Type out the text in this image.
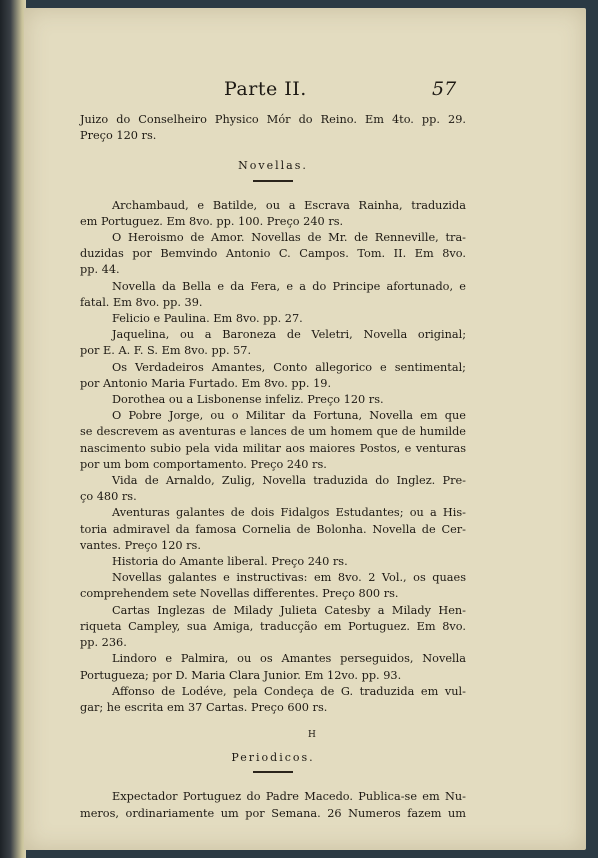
Parte II.	57
Juizo do Conselheiro Physico Mór do Reino. Em 4to. pp. 29.
Preço 120 rs.
Novellas.
Archambaud, e Batilde, ou a Escrava Rainha, traduzida
em Portuguez. Em 8vo. pp. 100. Preço 240 rs.
O Heroismo de Amor. Novellas de Mr. de Renneville, tra-
duzidas por Bemvindo Antonio C. Campos. Tom. II. Em 8vo.
pp. 44.
Novella da Bella e da Fera, e a do Principe afortunado, e
fatal. Em 8vo. pp. 39.
Felicio e Paulina. Em 8vo. pp. 27.
Jaquelina, ou a Baroneza de Veletri, Novella original;
por E. A. F. S. Em 8vo. pp. 57.
Os Verdadeiros Amantes, Conto allegorico e sentimental;
por Antonio Maria Furtado. Em 8vo. pp. 19.
Dorothea ou a Lisbonense infeliz. Preço 120 rs.
O Pobre Jorge, ou o Militar da Fortuna, Novella em que
se descrevem as aventuras e lances de um homem que de humilde
nascimento subio pela vida militar aos maiores Postos, e venturas
por um bom comportamento. Preço 240 rs.
Vida de Arnaldo, Zulig, Novella traduzida do Inglez. Pre-
ço 480 rs.
Aventuras galantes de dois Fidalgos Estudantes; ou a His-
toria admiravel da famosa Cornelia de Bolonha. Novella de Cer-
vantes. Preço 120 rs.
Historia do Amante liberal. Preço 240 rs.
Novellas galantes e instructivas: em 8vo. 2 Vol., os quaes
comprehendem sete Novellas differentes. Preço 800 rs.
Cartas Inglezas de Milady Julieta Catesby a Milady Hen-
riqueta Campley, sua Amiga, traducção em Portuguez. Em 8vo.
pp. 236.
Lindoro e Palmira, ou os Amantes perseguidos, Novella
Portugueza; por D. Maria Clara Junior. Em 12vo. pp. 93.
Affonso de Lodéve, pela Condeça de G. traduzida em vul-
gar; he escrita em 37 Cartas. Preço 600 rs.
Periodicos.
Expectador Portuguez do Padre Macedo. Publica-se em Nu-
meros, ordinariamente um por Semana. 26 Numeros fazem um
H
